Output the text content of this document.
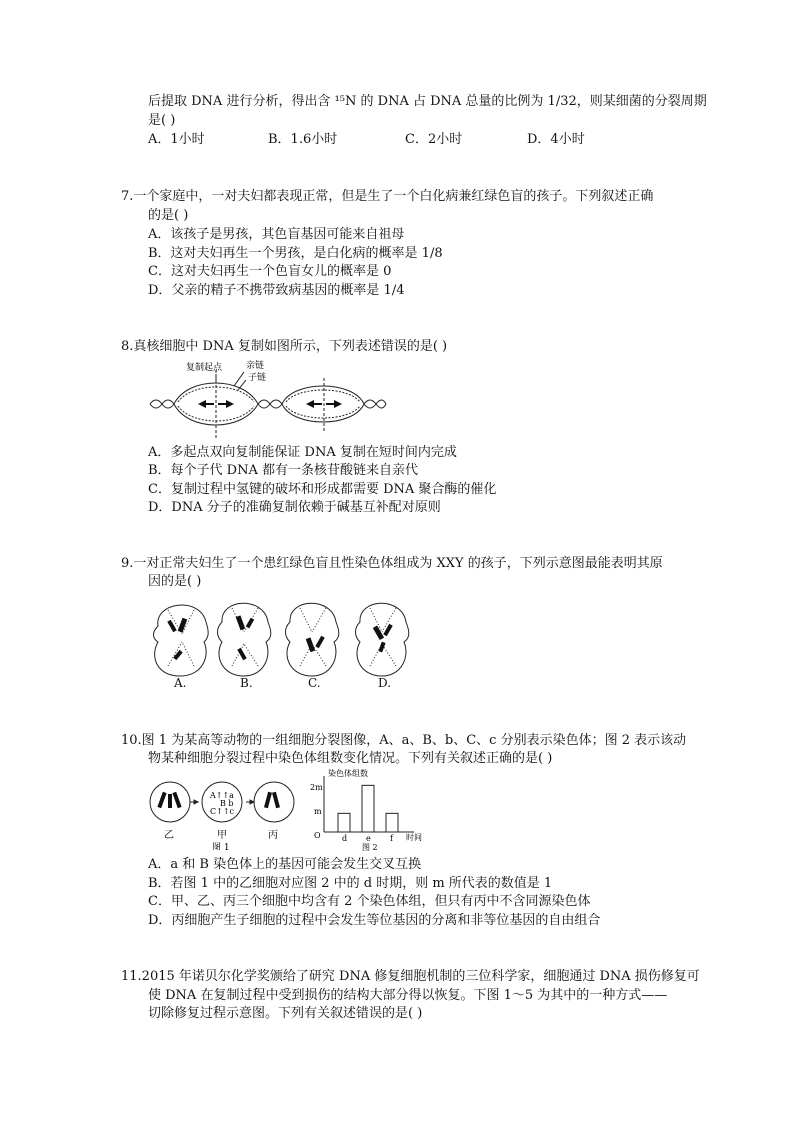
后提取 DNA 进行分析，得出含 ¹⁵N 的 DNA 占 DNA 总量的比例为 1/32，则某细菌的分裂周期
是( )
A．1小时	B．1.6小时	C．2小时	D．4小时
7.一个家庭中，一对夫妇都表现正常，但是生了一个白化病兼红绿色盲的孩子。下列叙述正确
的是( )
A．该孩子是男孩，其色盲基因可能来自祖母
B．这对夫妇再生一个男孩，是白化病的概率是 1/8
C．这对夫妇再生一个色盲女儿的概率是 0
D．父亲的精子不携带致病基因的概率是 1/4
8.真核细胞中 DNA 复制如图所示，下列表述错误的是( )
复制起点	亲链
子链
A．多起点双向复制能保证 DNA 复制在短时间内完成
B．每个子代 DNA 都有一条核苷酸链来自亲代
C．复制过程中氢键的破坏和形成都需要 DNA 聚合酶的催化
D．DNA 分子的准确复制依赖于碱基互补配对原则
9.一对正常夫妇生了一个患红绿色盲且性染色体组成为 XXY 的孩子，下列示意图最能表明其原
因的是( )
A.	B.	C.	D.
10.图 1 为某高等动物的一组细胞分裂图像，A、a、B、b、C、c 分别表示染色体；图 2 表示该动
物某种细胞分裂过程中染色体组数变化情况。下列有关叙述正确的是( )
A↑↑a
B b
C↑↑c
乙	甲	丙
图 1
染色体组数
2m
m
O	时间
图 2
d e f
A．a 和 B 染色体上的基因可能会发生交叉互换
B．若图 1 中的乙细胞对应图 2 中的 d 时期，则 m 所代表的数值是 1
C．甲、乙、丙三个细胞中均含有 2 个染色体组，但只有丙中不含同源染色体
D．丙细胞产生子细胞的过程中会发生等位基因的分离和非等位基因的自由组合
11.2015 年诺贝尔化学奖颁给了研究 DNA 修复细胞机制的三位科学家，细胞通过 DNA 损伤修复可
使 DNA 在复制过程中受到损伤的结构大部分得以恢复。下图 1～5 为其中的一种方式——
切除修复过程示意图。下列有关叙述错误的是( )
